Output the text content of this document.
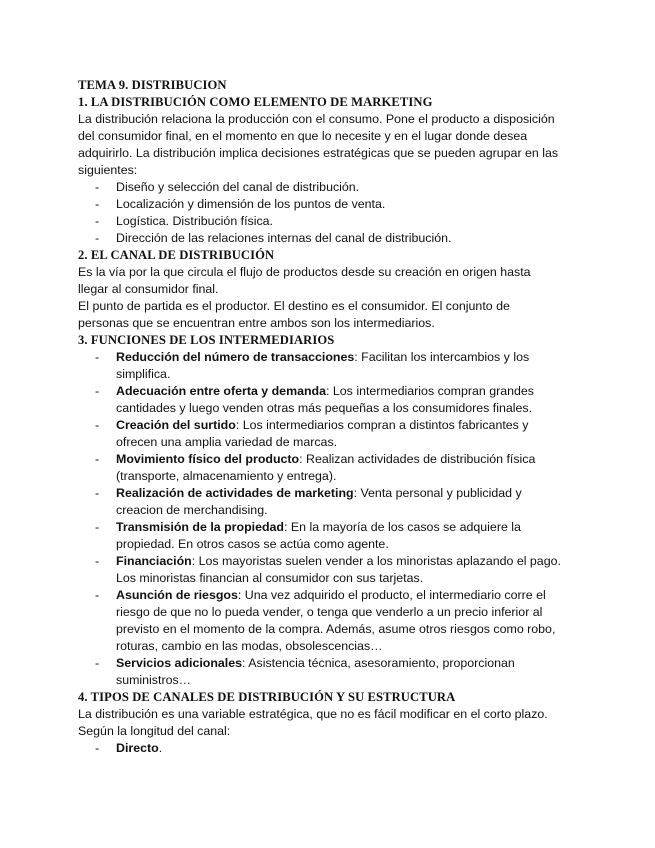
TEMA 9. DISTRIBUCION
1. LA DISTRIBUCIÓN COMO ELEMENTO DE MARKETING

La distribución relaciona la producción con el consumo. Pone el producto a disposición
del consumidor final, en el momento en que lo necesite y en el lugar donde desea
adquirirlo. La distribución implica decisiones estratégicas que se pueden agrupar en las
siguientes:

- Diseño y selección del canal de distribución.
- Localización y dimensión de los puntos de venta.
- Logística. Distribución física.
- Dirección de las relaciones internas del canal de distribución.
2. EL CANAL DE DISTRIBUCIÓN

Es la vía por la que circula el flujo de productos desde su creación en origen hasta
llegar al consumidor final.
El punto de partida es el productor. El destino es el consumidor. El conjunto de
personas que se encuentran entre ambos son los intermediarios.

3. FUNCIONES DE LOS INTERMEDIARIOS
- Reducción del número de transacciones: Facilitan los intercambios y los
simplifica.
- Adecuación entre oferta y demanda: Los intermediarios compran grandes
cantidades y luego venden otras más pequeñas a los consumidores finales.
- Creación del surtido: Los intermediarios compran a distintos fabricantes y
ofrecen una amplia variedad de marcas.
- Movimiento físico del producto: Realizan actividades de distribución física
(transporte, almacenamiento y entrega).
- Realización de actividades de marketing: Venta personal y publicidad y
creacion de merchandising.
- Transmisión de la propiedad: En la mayoría de los casos se adquiere la
propiedad. En otros casos se actúa como agente.
- Financiación: Los mayoristas suelen vender a los minoristas aplazando el pago.
Los minoristas financian al consumidor con sus tarjetas.
- Asunción de riesgos: Una vez adquirido el producto, el intermediario corre el
riesgo de que no lo pueda vender, o tenga que venderlo a un precio inferior al
previsto en el momento de la compra. Además, asume otros riesgos como robo,
roturas, cambio en las modas, obsolescencias…
- Servicios adicionales: Asistencia técnica, asesoramiento, proporcionan
suministros…
4. TIPOS DE CANALES DE DISTRIBUCIÓN Y SU ESTRUCTURA

La distribución es una variable estratégica, que no es fácil modificar en el corto plazo.
Según la longitud del canal:

- Directo.
